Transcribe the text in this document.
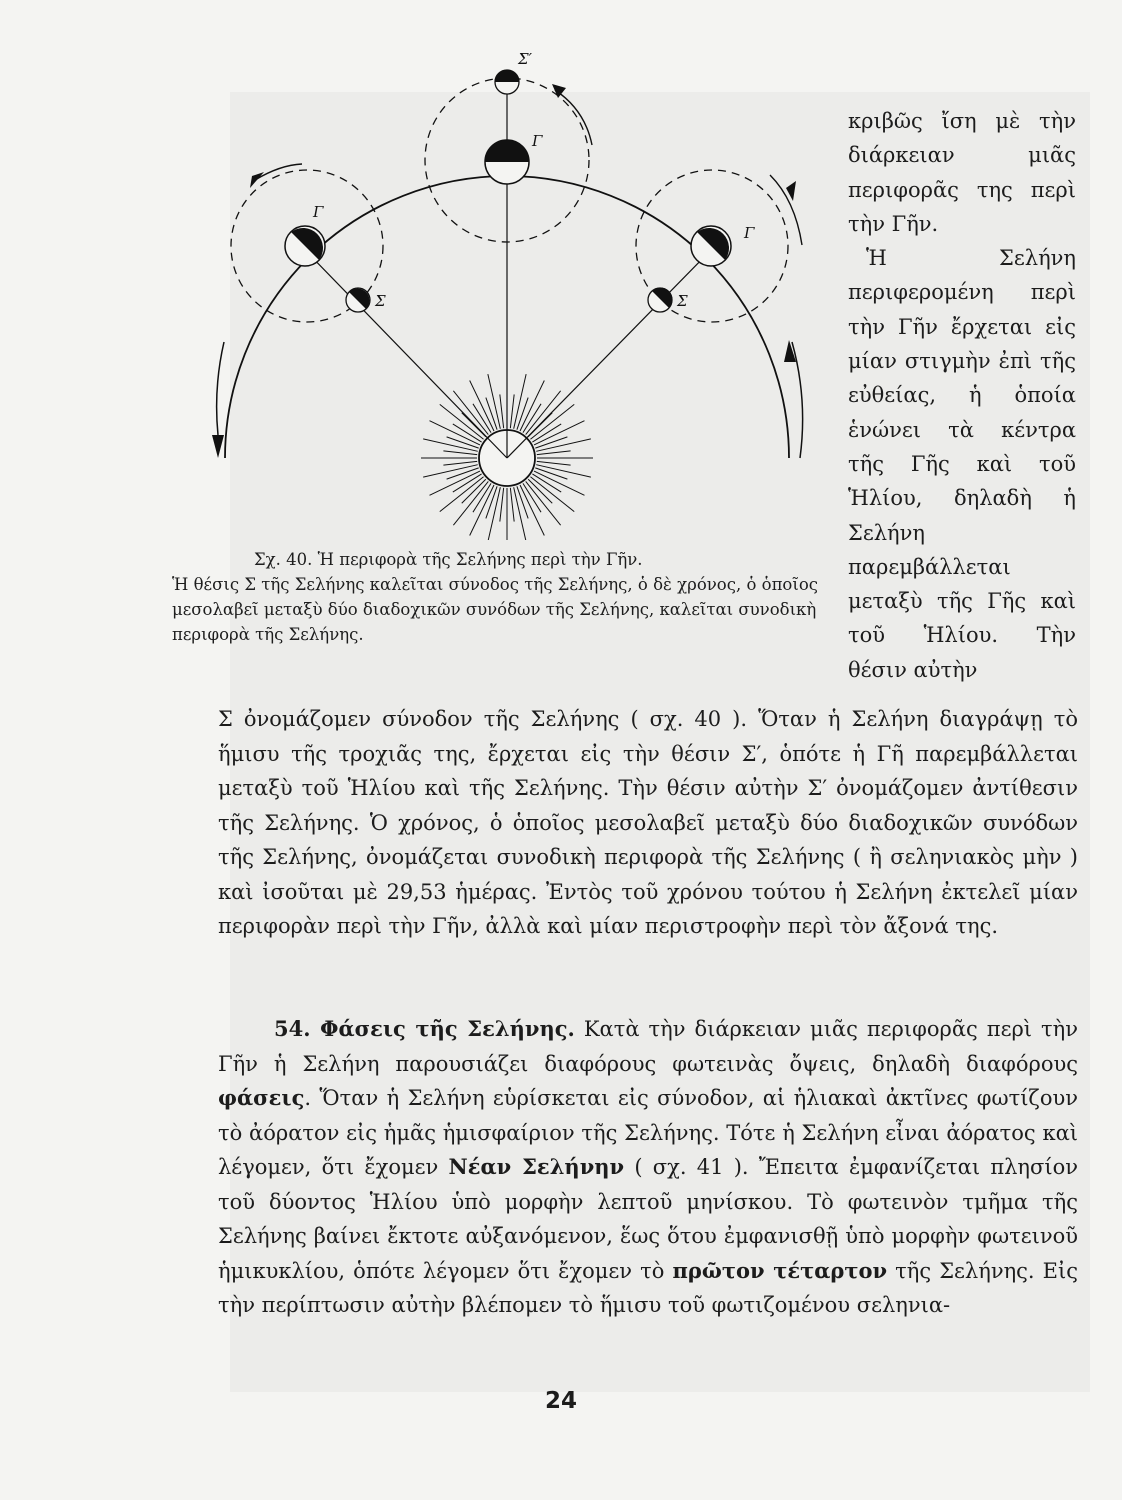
Γ
Σ
Γ
Σ′
Γ
Σ
Σχ. 40. Ἡ περιφορὰ τῆς Σελήνης περὶ τὴν Γῆν.
Ἡ θέσις Σ τῆς Σελήνης καλεῖται σύνοδος τῆς Σελήνης, ὁ δὲ χρόνος, ὁ ὁποῖος μεσολαβεῖ μεταξὺ δύο διαδοχικῶν συνόδων τῆς Σελήνης, καλεῖται συνοδικὴ περιφορὰ τῆς Σελήνης.

κριβῶς ἴση μὲ τὴν διάρκειαν μιᾶς περιφορᾶς της περὶ τὴν Γῆν.

Ἡ Σελήνη περιφερομένη περὶ τὴν Γῆν ἔρχεται εἰς μίαν στιγμὴν ἐπὶ τῆς εὐθείας, ἡ ὁποία ἑνώνει τὰ κέντρα τῆς Γῆς καὶ τοῦ Ἡλίου, δηλαδὴ ἡ Σελήνη παρεμβάλλεται μεταξὺ τῆς Γῆς καὶ τοῦ Ἡλίου. Τὴν θέσιν αὐτὴν

Σ ὀνομάζομεν σύνοδον τῆς Σελήνης ( σχ. 40 ). Ὅταν ἡ Σελήνη διαγράψῃ τὸ ἥμισυ τῆς τροχιᾶς της, ἔρχεται εἰς τὴν θέσιν Σ′, ὁπότε ἡ Γῆ παρεμβάλλεται μεταξὺ τοῦ Ἡλίου καὶ τῆς Σελήνης. Τὴν θέσιν αὐτὴν Σ′ ὀνομάζομεν ἀντίθεσιν τῆς Σελήνης. Ὁ χρόνος, ὁ ὁποῖος μεσολαβεῖ μεταξὺ δύο διαδοχικῶν συνόδων τῆς Σελήνης, ὀνομάζεται συνοδικὴ περιφορὰ τῆς Σελήνης ( ἢ σεληνιακὸς μὴν ) καὶ ἰσοῦται μὲ 29,53 ἡμέρας. Ἐντὸς τοῦ χρόνου τούτου ἡ Σελήνη ἐκτελεῖ μίαν περιφορὰν περὶ τὴν Γῆν, ἀλλὰ καὶ μίαν περιστροφὴν περὶ τὸν ἄξονά της.

54. Φάσεις τῆς Σελήνης. Κατὰ τὴν διάρκειαν μιᾶς περιφορᾶς περὶ τὴν Γῆν ἡ Σελήνη παρουσιάζει διαφόρους φωτεινὰς ὄψεις, δηλαδὴ διαφόρους φάσεις. Ὅταν ἡ Σελήνη εὑρίσκεται εἰς σύνοδον, αἱ ἡλιακαὶ ἀκτῖνες φωτίζουν τὸ ἀόρατον εἰς ἡμᾶς ἡμισφαίριον τῆς Σελήνης. Τότε ἡ Σελήνη εἶναι ἀόρατος καὶ λέγομεν, ὅτι ἔχομεν Νέαν Σελήνην ( σχ. 41 ). Ἔπειτα ἐμφανίζεται πλησίον τοῦ δύοντος Ἡλίου ὑπὸ μορφὴν λεπτοῦ μηνίσκου. Τὸ φωτεινὸν τμῆμα τῆς Σελήνης βαίνει ἔκτοτε αὐξανόμενον, ἕως ὅτου ἐμφανισθῇ ὑπὸ μορφὴν φωτεινοῦ ἡμικυκλίου, ὁπότε λέγομεν ὅτι ἔχομεν τὸ πρῶτον τέταρτον τῆς Σελήνης. Εἰς τὴν περίπτωσιν αὐτὴν βλέπομεν τὸ ἥμισυ τοῦ φωτιζομένου σεληνια-

24
